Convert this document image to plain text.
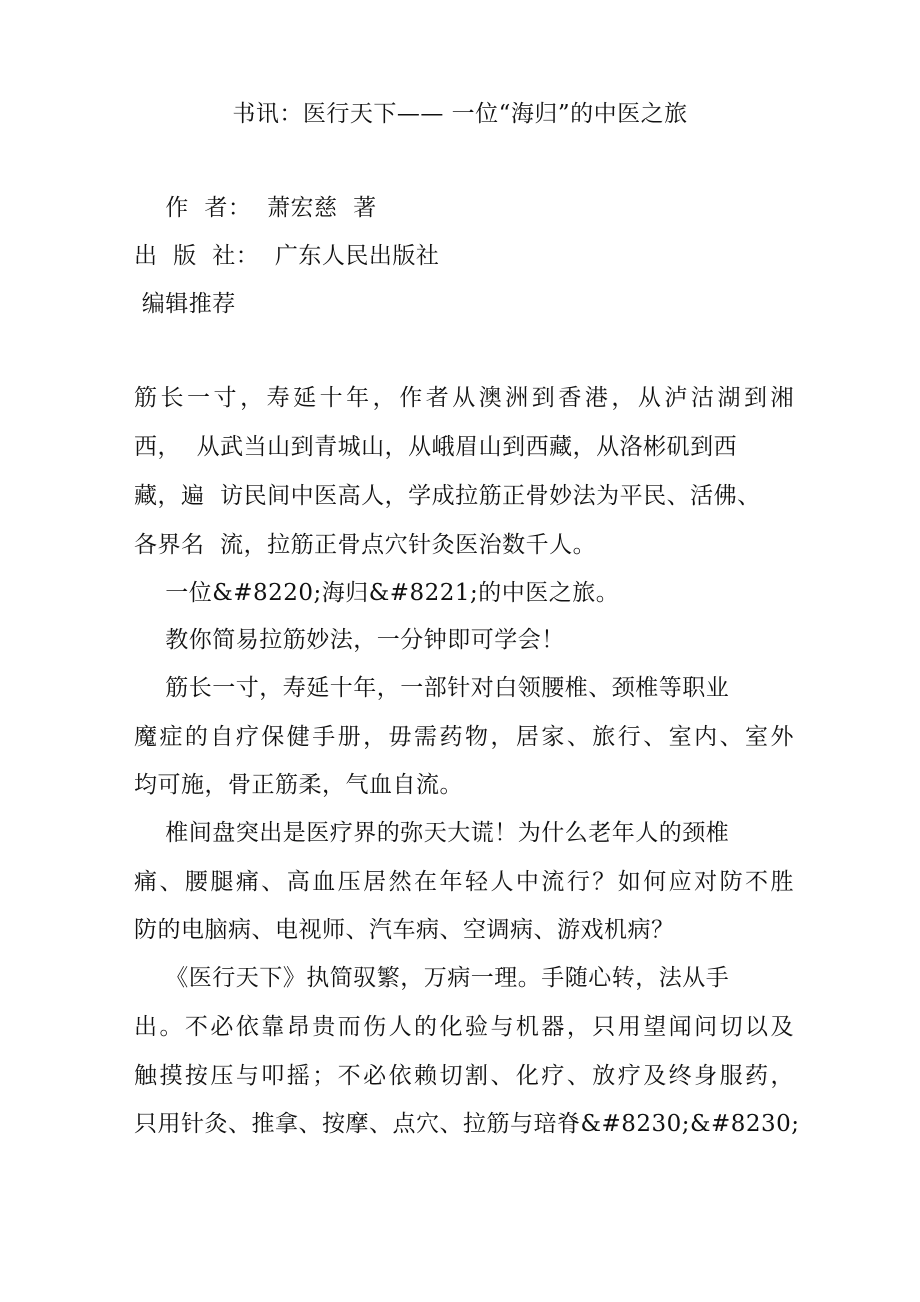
书讯：医行天下—— 一位“海归”的中医之旅
作  者：  萧宏慈  著
出  版  社：  广东人民出版社
编辑推荐
筋长一寸，寿延十年，作者从澳洲到香港，从泸沽湖到湘
西，  从武当山到青城山，从峨眉山到西藏，从洛彬矶到西
藏，遍  访民间中医高人，学成拉筋正骨妙法为平民、活佛、
各界名  流，拉筋正骨点穴针灸医治数千人。
一位&#8220;海归&#8221;的中医之旅。
教你简易拉筋妙法，一分钟即可学会！
筋长一寸，寿延十年，一部针对白领腰椎、颈椎等职业
魔症的自疗保健手册，毋需药物，居家、旅行、室内、室外
均可施，骨正筋柔，气血自流。
椎间盘突出是医疗界的弥天大谎！为什么老年人的颈椎
痛、腰腿痛、高血压居然在年轻人中流行？如何应对防不胜
防的电脑病、电视师、汽车病、空调病、游戏机病？
《医行天下》执简驭繁，万病一理。手随心转，法从手
出。不必依靠昂贵而伤人的化验与机器，只用望闻问切以及
触摸按压与叩摇；不必依赖切割、化疗、放疗及终身服药，
只用针灸、推拿、按摩、点穴、拉筋与琣脊&#8230;&#8230;
